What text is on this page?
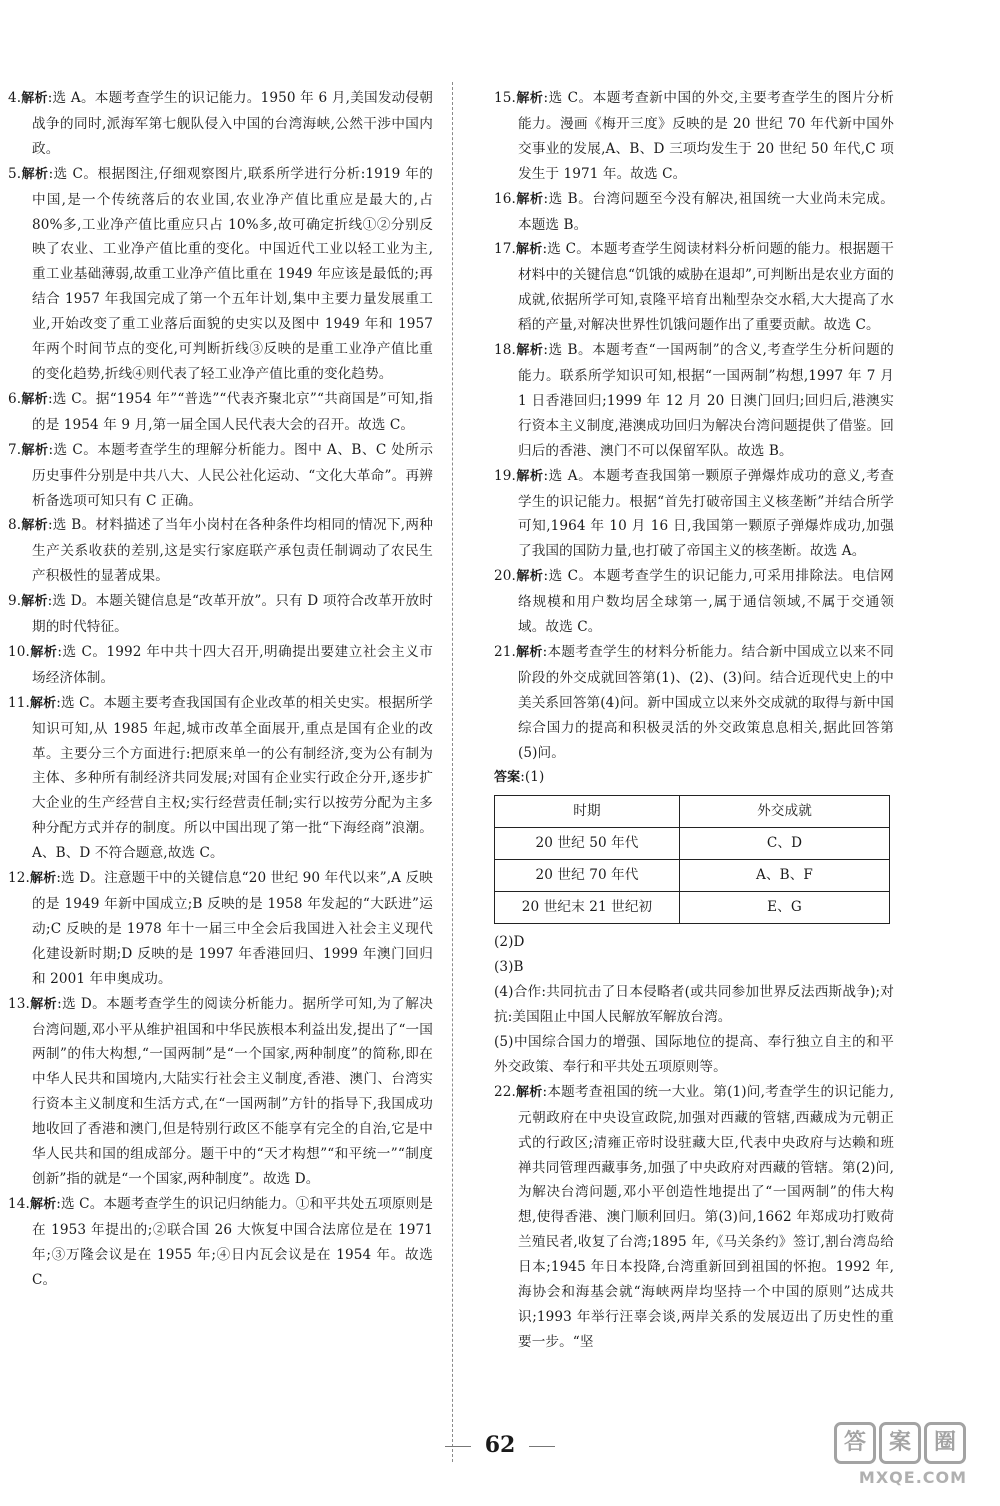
4.解析:选 A。本题考查学生的识记能力。1950 年 6 月,美国发动侵朝战争的同时,派海军第七舰队侵入中国的台湾海峡,公然干涉中国内政。

5.解析:选 C。根据图注,仔细观察图片,联系所学进行分析:1919 年的中国,是一个传统落后的农业国,农业净产值比重应是最大的,占 80%多,工业净产值比重应只占 10%多,故可确定折线①②分别反映了农业、工业净产值比重的变化。中国近代工业以轻工业为主,重工业基础薄弱,故重工业净产值比重在 1949 年应该是最低的;再结合 1957 年我国完成了第一个五年计划,集中主要力量发展重工业,开始改变了重工业落后面貌的史实以及图中 1949 年和 1957 年两个时间节点的变化,可判断折线③反映的是重工业净产值比重的变化趋势,折线④则代表了轻工业净产值比重的变化趋势。

6.解析:选 C。据“1954 年”“普选”“代表齐聚北京”“共商国是”可知,指的是 1954 年 9 月,第一届全国人民代表大会的召开。故选 C。

7.解析:选 C。本题考查学生的理解分析能力。图中 A、B、C 处所示历史事件分别是中共八大、人民公社化运动、“文化大革命”。再辨析备选项可知只有 C 正确。

8.解析:选 B。材料描述了当年小岗村在各种条件均相同的情况下,两种生产关系收获的差别,这是实行家庭联产承包责任制调动了农民生产积极性的显著成果。

9.解析:选 D。本题关键信息是“改革开放”。只有 D 项符合改革开放时期的时代特征。

10.解析:选 C。1992 年中共十四大召开,明确提出要建立社会主义市场经济体制。

11.解析:选 C。本题主要考查我国国有企业改革的相关史实。根据所学知识可知,从 1985 年起,城市改革全面展开,重点是国有企业的改革。主要分三个方面进行:把原来单一的公有制经济,变为公有制为主体、多种所有制经济共同发展;对国有企业实行政企分开,逐步扩大企业的生产经营自主权;实行经营责任制;实行以按劳分配为主多种分配方式并存的制度。所以中国出现了第一批“下海经商”浪潮。A、B、D 不符合题意,故选 C。

12.解析:选 D。注意题干中的关键信息“20 世纪 90 年代以来”,A 反映的是 1949 年新中国成立;B 反映的是 1958 年发起的“大跃进”运动;C 反映的是 1978 年十一届三中全会后我国进入社会主义现代化建设新时期;D 反映的是 1997 年香港回归、1999 年澳门回归和 2001 年申奥成功。

13.解析:选 D。本题考查学生的阅读分析能力。据所学可知,为了解决台湾问题,邓小平从维护祖国和中华民族根本利益出发,提出了“一国两制”的伟大构想,“一国两制”是“一个国家,两种制度”的简称,即在中华人民共和国境内,大陆实行社会主义制度,香港、澳门、台湾实行资本主义制度和生活方式,在“一国两制”方针的指导下,我国成功地收回了香港和澳门,但是特别行政区不能享有完全的自治,它是中华人民共和国的组成部分。题干中的“天才构想”“和平统一”“制度创新”指的就是“一个国家,两种制度”。故选 D。

14.解析:选 C。本题考查学生的识记归纳能力。①和平共处五项原则是在 1953 年提出的;②联合国 26 大恢复中国合法席位是在 1971 年;③万隆会议是在 1955 年;④日内瓦会议是在 1954 年。故选 C。

15.解析:选 C。本题考查新中国的外交,主要考查学生的图片分析能力。漫画《梅开三度》反映的是 20 世纪 70 年代新中国外交事业的发展,A、B、D 三项均发生于 20 世纪 50 年代,C 项发生于 1971 年。故选 C。

16.解析:选 B。台湾问题至今没有解决,祖国统一大业尚未完成。本题选 B。

17.解析:选 C。本题考查学生阅读材料分析问题的能力。根据题干材料中的关键信息“饥饿的威胁在退却”,可判断出是农业方面的成就,依据所学可知,袁隆平培育出籼型杂交水稻,大大提高了水稻的产量,对解决世界性饥饿问题作出了重要贡献。故选 C。

18.解析:选 B。本题考查“一国两制”的含义,考查学生分析问题的能力。联系所学知识可知,根据“一国两制”构想,1997 年 7 月 1 日香港回归;1999 年 12 月 20 日澳门回归;回归后,港澳实行资本主义制度,港澳成功回归为解决台湾问题提供了借鉴。回归后的香港、澳门不可以保留军队。故选 B。

19.解析:选 A。本题考查我国第一颗原子弹爆炸成功的意义,考查学生的识记能力。根据“首先打破帝国主义核垄断”并结合所学可知,1964 年 10 月 16 日,我国第一颗原子弹爆炸成功,加强了我国的国防力量,也打破了帝国主义的核垄断。故选 A。

20.解析:选 C。本题考查学生的识记能力,可采用排除法。电信网络规模和用户数均居全球第一,属于通信领域,不属于交通领域。故选 C。

21.解析:本题考查学生的材料分析能力。结合新中国成立以来不同阶段的外交成就回答第(1)、(2)、(3)问。结合近现代史上的中美关系回答第(4)问。新中国成立以来外交成就的取得与新中国综合国力的提高和积极灵活的外交政策息息相关,据此回答第(5)问。

答案:(1)

时期	外交成就
20 世纪 50 年代	C、D
20 世纪 70 年代	A、B、F
20 世纪末 21 世纪初	E、G

(2)D

(3)B

(4)合作:共同抗击了日本侵略者(或共同参加世界反法西斯战争);对抗:美国阻止中国人民解放军解放台湾。

(5)中国综合国力的增强、国际地位的提高、奉行独立自主的和平外交政策、奉行和平共处五项原则等。

22.解析:本题考查祖国的统一大业。第(1)问,考查学生的识记能力,元朝政府在中央设宣政院,加强对西藏的管辖,西藏成为元朝正式的行政区;清雍正帝时设驻藏大臣,代表中央政府与达赖和班禅共同管理西藏事务,加强了中央政府对西藏的管辖。第(2)问,为解决台湾问题,邓小平创造性地提出了“一国两制”的伟大构想,使得香港、澳门顺利回归。第(3)问,1662 年郑成功打败荷兰殖民者,收复了台湾;1895 年,《马关条约》签订,割台湾岛给日本;1945 年日本投降,台湾重新回到祖国的怀抱。1992 年,海协会和海基会就“海峡两岸均坚持一个中国的原则”达成共识;1993 年举行汪辜会谈,两岸关系的发展迈出了历史性的重要一步。“坚

62	答 案 圈
MXQE.COM
